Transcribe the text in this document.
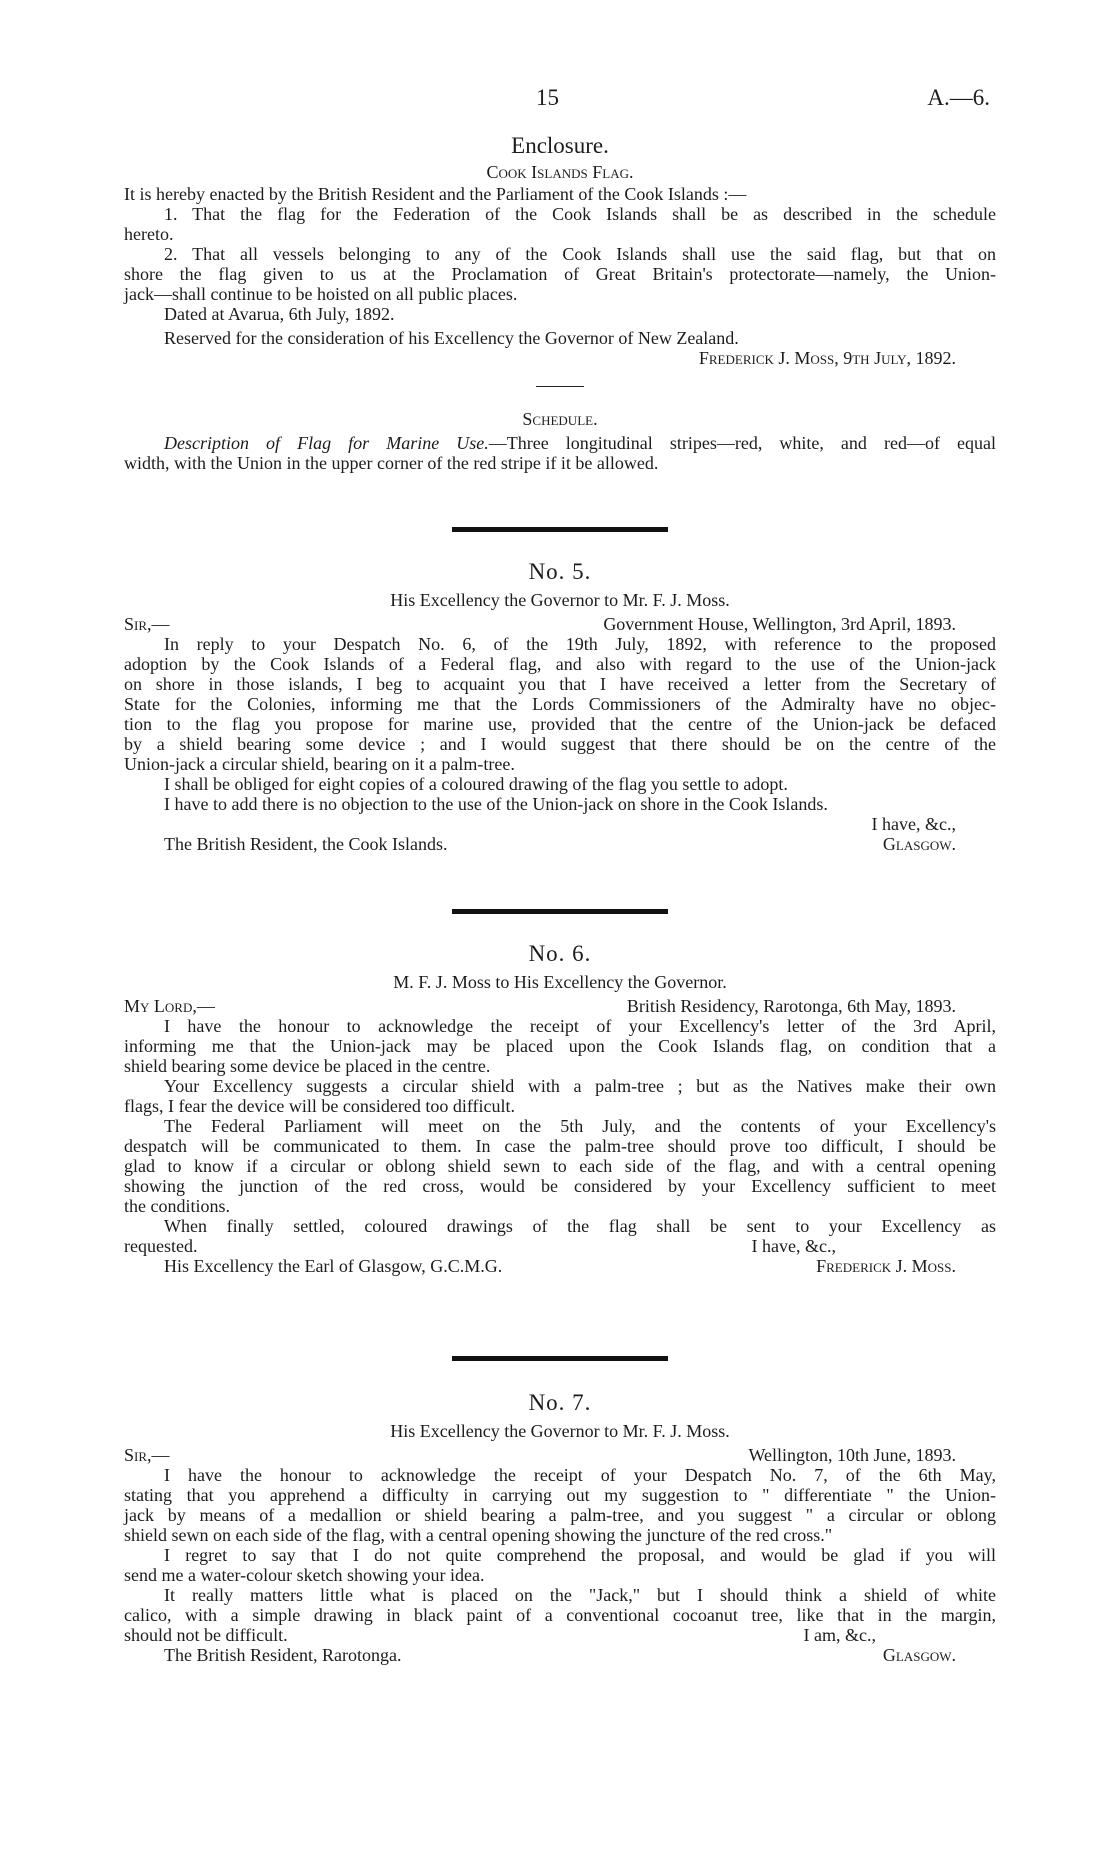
15	A.—6.
Enclosure.
Cook Islands Flag.
It is hereby enacted by the British Resident and the Parliament of the Cook Islands :—
1. That the flag for the Federation of the Cook Islands shall be as described in the schedule
hereto.
2. That all vessels belonging to any of the Cook Islands shall use the said flag, but that on
shore the flag given to us at the Proclamation of Great Britain's protectorate—namely, the Union-
jack—shall continue to be hoisted on all public places.
Dated at Avarua, 6th July, 1892.
Reserved for the consideration of his Excellency the Governor of New Zealand.
Frederick J. Moss, 9th July, 1892.
Schedule.
Description of Flag for Marine Use.—Three longitudinal stripes—red, white, and red—of equal
width, with the Union in the upper corner of the red stripe if it be allowed.
No. 5.
His Excellency the Governor to Mr. F. J. Moss.
Sir,—	Government House, Wellington, 3rd April, 1893.
In reply to your Despatch No. 6, of the 19th July, 1892, with reference to the proposed
adoption by the Cook Islands of a Federal flag, and also with regard to the use of the Union-jack
on shore in those islands, I beg to acquaint you that I have received a letter from the Secretary of
State for the Colonies, informing me that the Lords Commissioners of the Admiralty have no objec-
tion to the flag you propose for marine use, provided that the centre of the Union-jack be defaced
by a shield bearing some device ; and I would suggest that there should be on the centre of the
Union-jack a circular shield, bearing on it a palm-tree.
I shall be obliged for eight copies of a coloured drawing of the flag you settle to adopt.
I have to add there is no objection to the use of the Union-jack on shore in the Cook Islands.
I have, &c.,
The British Resident, the Cook Islands.	Glasgow.
No. 6.
M. F. J. Moss to His Excellency the Governor.
My Lord,—	British Residency, Rarotonga, 6th May, 1893.
I have the honour to acknowledge the receipt of your Excellency's letter of the 3rd April,
informing me that the Union-jack may be placed upon the Cook Islands flag, on condition that a
shield bearing some device be placed in the centre.
Your Excellency suggests a circular shield with a palm-tree ; but as the Natives make their own
flags, I fear the device will be considered too difficult.
The Federal Parliament will meet on the 5th July, and the contents of your Excellency's
despatch will be communicated to them. In case the palm-tree should prove too difficult, I should be
glad to know if a circular or oblong shield sewn to each side of the flag, and with a central opening
showing the junction of the red cross, would be considered by your Excellency sufficient to meet
the conditions.
When finally settled, coloured drawings of the flag shall be sent to your Excellency as
requested.	I have, &c.,
His Excellency the Earl of Glasgow, G.C.M.G.	Frederick J. Moss.
No. 7.
His Excellency the Governor to Mr. F. J. Moss.
Sir,—	Wellington, 10th June, 1893.
I have the honour to acknowledge the receipt of your Despatch No. 7, of the 6th May,
stating that you apprehend a difficulty in carrying out my suggestion to " differentiate " the Union-
jack by means of a medallion or shield bearing a palm-tree, and you suggest " a circular or oblong
shield sewn on each side of the flag, with a central opening showing the juncture of the red cross."
I regret to say that I do not quite comprehend the proposal, and would be glad if you will
send me a water-colour sketch showing your idea.
It really matters little what is placed on the "Jack," but I should think a shield of white
calico, with a simple drawing in black paint of a conventional cocoanut tree, like that in the margin,
should not be difficult.	I am, &c.,
The British Resident, Rarotonga.	Glasgow.
